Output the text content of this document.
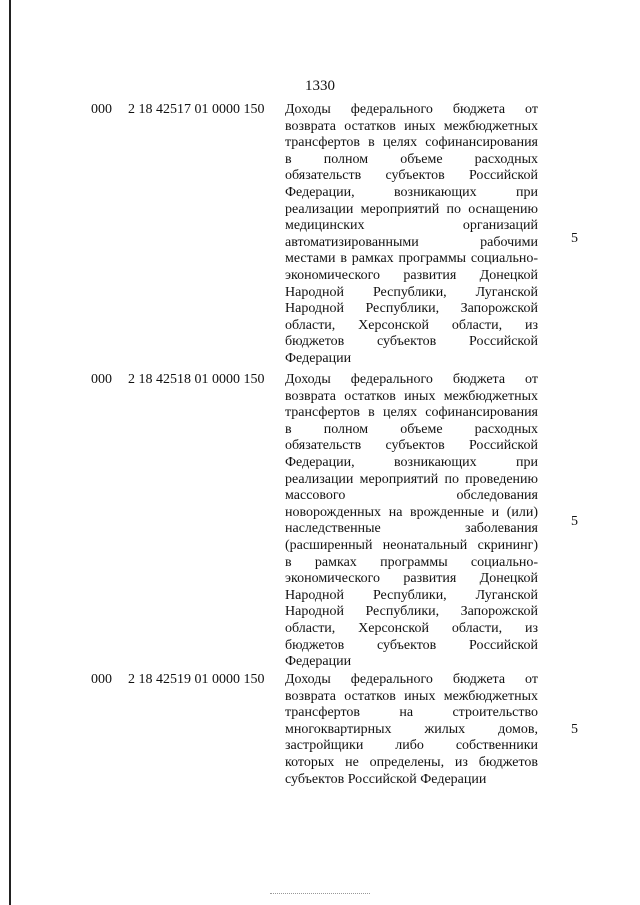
1330
000 2 18 42517 01 0000 150 Доходы федерального бюджета от
возврата остатков иных межбюджетных
трансфертов в целях софинансирования
в полном объеме расходных
обязательств субъектов Российской
Федерации, возникающих при
реализации мероприятий по оснащению
медицинских организаций
автоматизированными рабочими
местами в рамках программы социально-
экономического развития Донецкой
Народной Республики, Луганской
Народной Республики, Запорожской
области, Херсонской области, из
бюджетов субъектов Российской
Федерации
5
000 2 18 42518 01 0000 150 Доходы федерального бюджета от
возврата остатков иных межбюджетных
трансфертов в целях софинансирования
в полном объеме расходных
обязательств субъектов Российской
Федерации, возникающих при
реализации мероприятий по проведению
массового обследования
новорожденных на врожденные и (или)
наследственные заболевания
(расширенный неонатальный скрининг)
в рамках программы социально-
экономического развития Донецкой
Народной Республики, Луганской
Народной Республики, Запорожской
области, Херсонской области, из
бюджетов субъектов Российской
Федерации
5
000 2 18 42519 01 0000 150 Доходы федерального бюджета от
возврата остатков иных межбюджетных
трансфертов на строительство
многоквартирных жилых домов,
застройщики либо собственники
которых не определены, из бюджетов
субъектов Российской Федерации
5
